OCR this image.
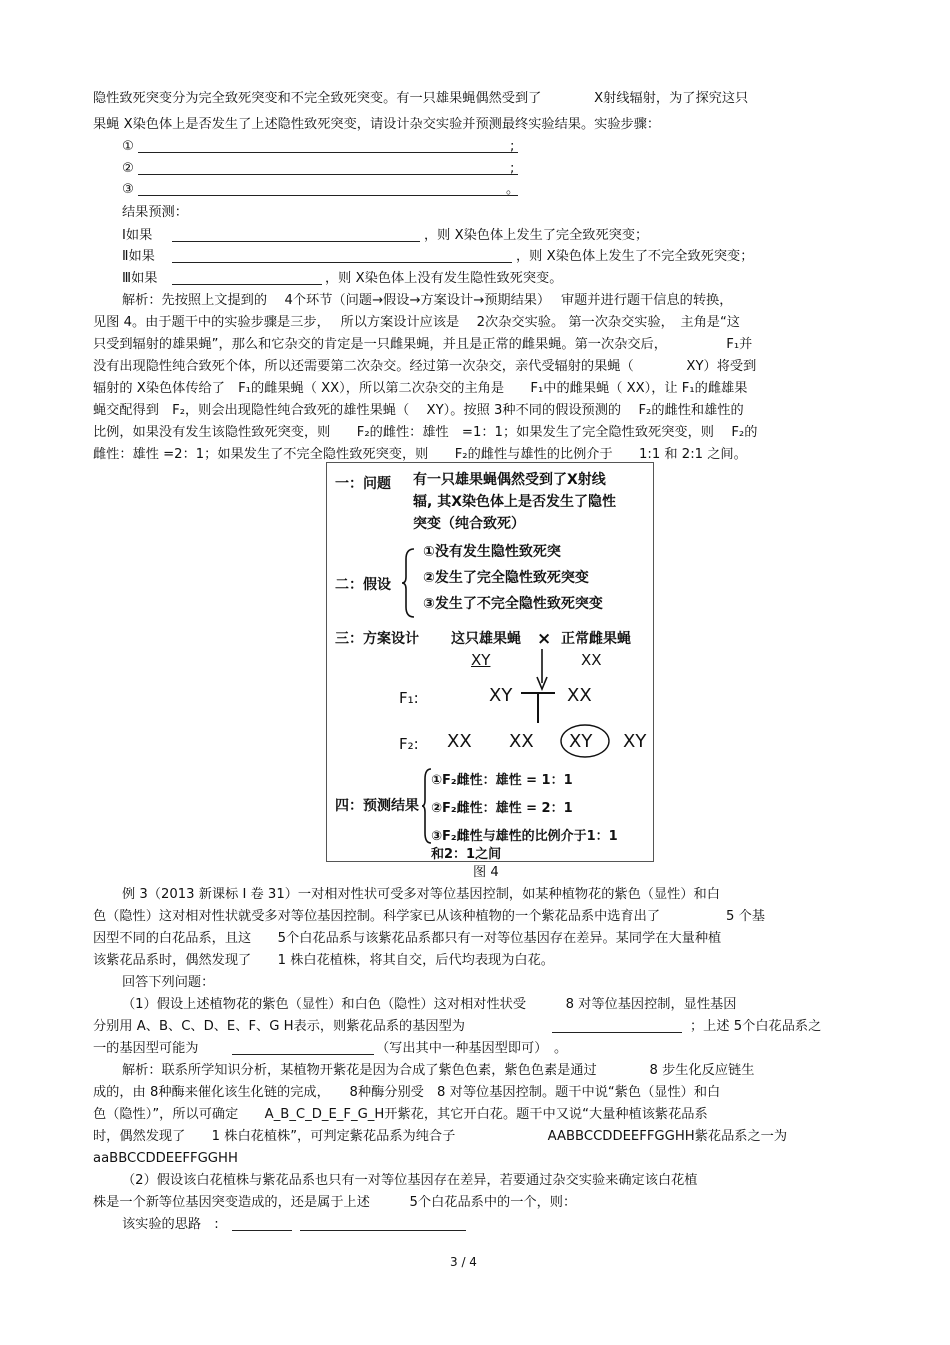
隐性致死突变分为完全致死突变和不完全致死突变。有一只雄果蝇偶然受到了　　　　X射线辐射，为了探究这只
果蝇 X染色体上是否发生了上述隐性致死突变，请设计杂交实验并预测最终实验结果。实验步骤：
①	;
②	;
③	。
结果预测：
Ⅰ如果	，则 X染色体上发生了完全致死突变；
Ⅱ如果	，则 X染色体上发生了不完全致死突变；
Ⅲ如果	，则 X染色体上没有发生隐性致死突变。
解析：先按照上文提到的　 4个环节（问题→假设→方案设计→预期结果）　 审题并进行题干信息的转换，
见图 4。由于题干中的实验步骤是三步，　 所以方案设计应该是　 2次杂交实验。 第一次杂交实验，　主角是“这
只受到辐射的雄果蝇”，那么和它杂交的肯定是一只雌果蝇，并且是正常的雌果蝇。第一次杂交后，　　　　　F₁并
没有出现隐性纯合致死个体，所以还需要第二次杂交。经过第一次杂交，亲代受辐射的果蝇（　　　　XY）将受到
辐射的 X染色体传给了　F₁的雌果蝇（ XX），所以第二次杂交的主角是　　F₁中的雌果蝇（ XX），让 F₁的雌雄果
蝇交配得到　F₂，则会出现隐性纯合致死的雄性果蝇（　 XY）。按照 3种不同的假设预测的　 F₂的雌性和雄性的
比例，如果没有发生该隐性致死突变，则　　F₂的雌性：雄性　=1：1；如果发生了完全隐性致死突变，则　 F₂的
雌性：雄性 =2：1；如果发生了不完全隐性致死突变，则　　F₂的雌性与雄性的比例介于　　1:1 和 2:1 之间。
一：问题 有一只雄果蝇偶然受到了X射线
辐, 其X染色体上是否发生了隐性
突变（纯合致死）
二：假设
①没有发生隐性致死突
②发生了完全隐性致死突变
③发生了不完全隐性致死突变
三：方案设计 这只雄果蝇 × 正常雌果蝇
XY	XX
F₁:	XY	XX
F₂: XX XX XY XY
四：预测结果
①F₂雌性：雄性 = 1：1
②F₂雌性：雄性 = 2：1
③F₂雌性与雄性的比例介于1：1
和2：1之间
图 4
例 3（2013 新课标 Ⅰ 卷 31）一对相对性状可受多对等位基因控制，如某种植物花的紫色（显性）和白
色（隐性）这对相对性状就受多对等位基因控制。科学家已从该种植物的一个紫花品系中选育出了　　　　　5 个基
因型不同的白花品系，且这　　5个白花品系与该紫花品系都只有一对等位基因存在差异。某同学在大量种植
该紫花品系时，偶然发现了　　1 株白花植株，将其自交，后代均表现为白花。
回答下列问题：
（1）假设上述植物花的紫色（显性）和白色（隐性）这对相对性状受　　　8 对等位基因控制，显性基因
分别用 A、B、C、D、E、F、G H表示，则紫花品系的基因型为	；上述 5个白花品系之
一的基因型可能为	（写出其中一种基因型即可）　。
解析：联系所学知识分析，某植物开紫花是因为合成了紫色色素，紫色色素是通过　　　　8 步生化反应链生
成的，由 8种酶来催化该生化链的完成，　　8种酶分别受　8 对等位基因控制。题干中说“紫色（显性）和白
色（隐性）”，所以可确定　　A_B_C_D_E_F_G_H开紫花，其它开白花。题干中又说“大量种植该紫花品系
时，偶然发现了　　1 株白花植株”，可判定紫花品系为纯合子　　　　　　　AABBCCDDEEFFGGHH紫花品系之一为
aaBBCCDDEEFFGGHH
（2）假设该白花植株与紫花品系也只有一对等位基因存在差异，若要通过杂交实验来确定该白花植
株是一个新等位基因突变造成的，还是属于上述　　　5个白花品系中的一个，则：
该实验的思路　:
3 / 4
